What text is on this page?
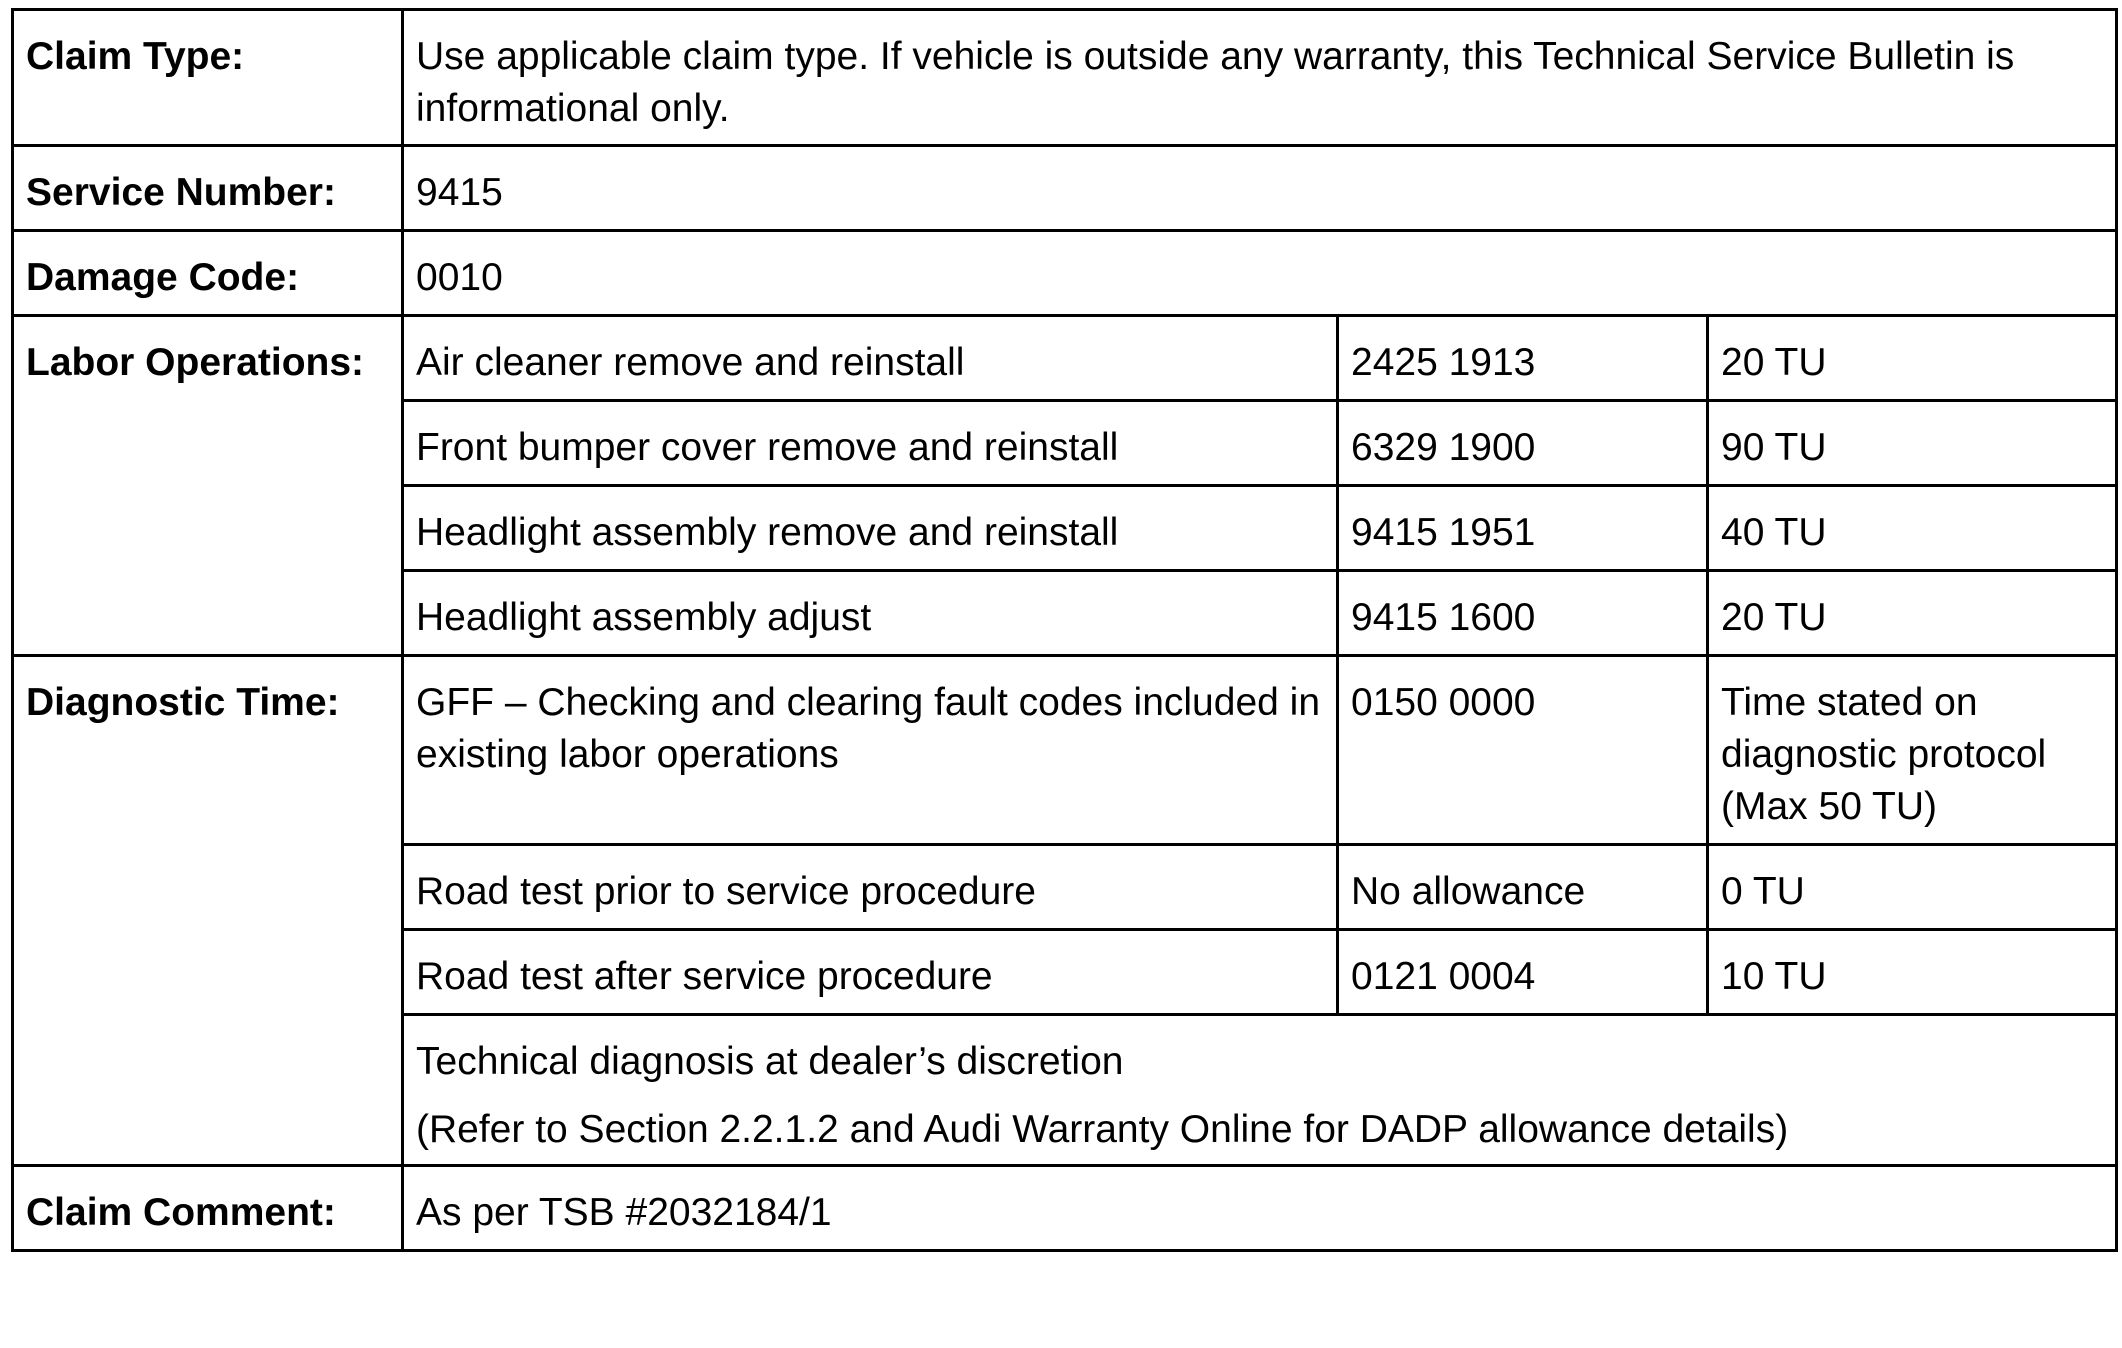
Claim Type:	Use applicable claim type. If vehicle is outside any warranty, this Technical Service Bulletin is informational only.		
Service Number:	9415		
Damage Code:	0010		
Labor Operations:	Air cleaner remove and reinstall	2425 1913	20 TU
	Front bumper cover remove and reinstall	6329 1900	90 TU
	Headlight assembly remove and reinstall	9415 1951	40 TU
	Headlight assembly adjust	9415 1600	20 TU
Diagnostic Time:	GFF – Checking and clearing fault codes included in existing labor operations	0150 0000	Time stated on diagnostic protocol (Max 50 TU)
	Road test prior to service procedure	No allowance	0 TU
	Road test after service procedure	0121 0004	10 TU

	Technical diagnosis at dealer’s discretion
(Refer to Section 2.2.1.2 and Audi Warranty Online for DADP allowance details)		

Claim Comment:	As per TSB #2032184/1		
